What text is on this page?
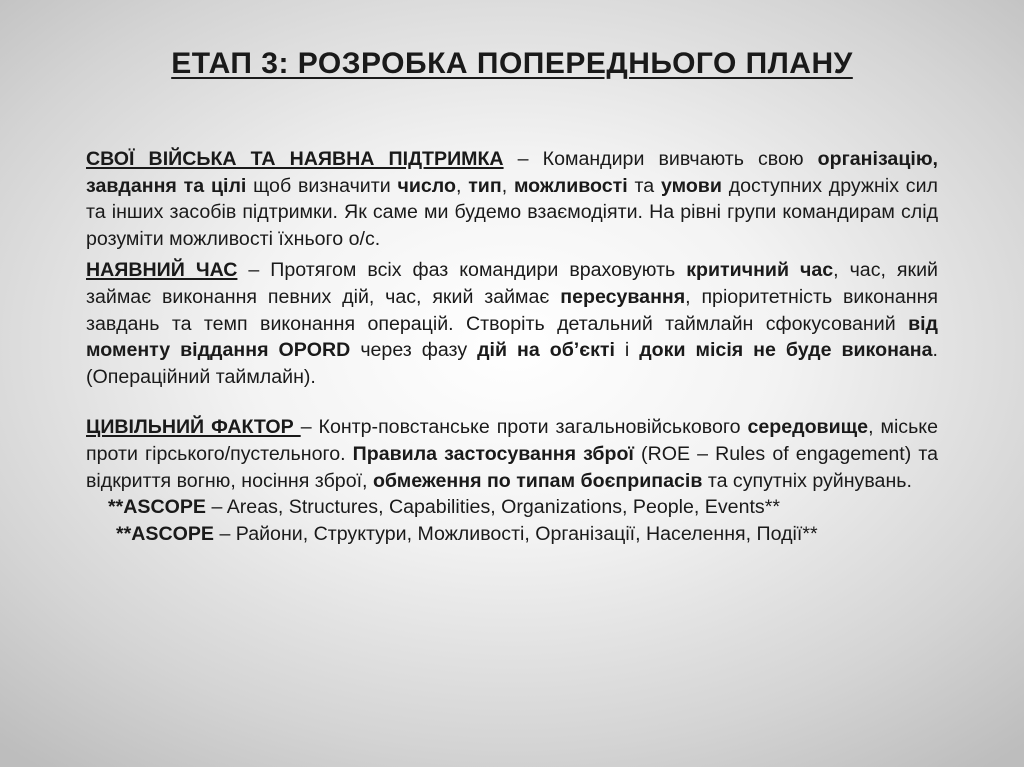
ЕТАП 3: РОЗРОБКА ПОПЕРЕДНЬОГО ПЛАНУ

СВОЇ ВІЙСЬКА ТА НАЯВНА ПІДТРИМКА – Командири вивчають свою організацію, завдання та цілі щоб визначити число, тип, можливості та умови доступних дружніх сил та інших засобів підтримки. Як саме ми будемо взаємодіяти. На рівні групи командирам слід розуміти можливості їхнього о/с.

НАЯВНИЙ ЧАС – Протягом всіх фаз командири враховують критичний час, час, який займає виконання певних дій, час, який займає пересування, пріоритетність виконання завдань та темп виконання операцій. Створіть детальний таймлайн сфокусований від моменту віддання OPORD через фазу дій на об’єкті і доки місія не буде виконана. (Операційний таймлайн).

ЦИВІЛЬНИЙ ФАКТОР – Контр-повстанське проти загальновійськового середовище, міське проти гірського/пустельного. Правила застосування зброї (ROE – Rules of engagement) та відкриття вогню, носіння зброї, обмеження по типам боєприпасів та супутніх руйнувань.

**ASCOPE – Areas, Structures, Capabilities, Organizations, People, Events**

**ASCOPE – Райони, Структури, Можливості, Організації, Населення, Події**
